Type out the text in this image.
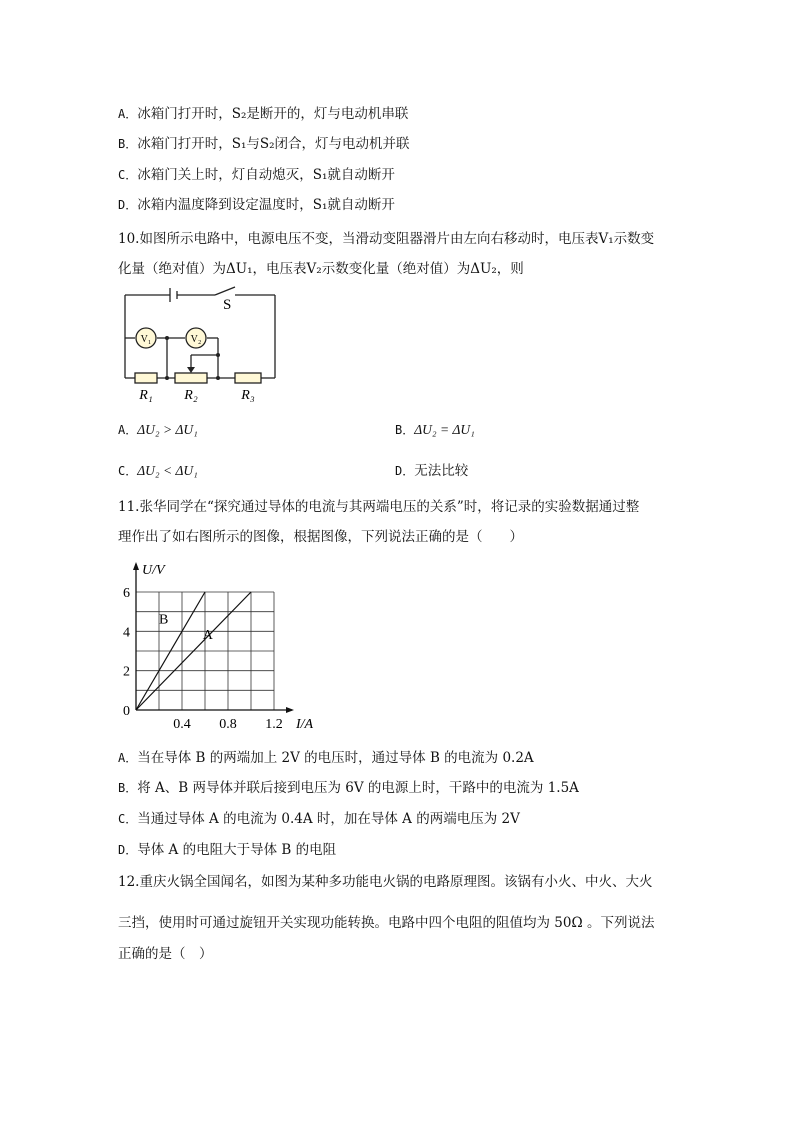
A．冰箱门打开时，S₂是断开的，灯与电动机串联
B．冰箱门打开时，S₁与S₂闭合，灯与电动机并联
C．冰箱门关上时，灯自动熄灭，S₁就自动断开
D．冰箱内温度降到设定温度时，S₁就自动断开
10.如图所示电路中，电源电压不变，当滑动变阻器滑片由左向右移动时，电压表V₁示数变
化量（绝对值）为ΔU₁，电压表V₂示数变化量（绝对值）为ΔU₂，则
S
V₁	V₂
R₁ R₂	R₃
A．ΔU₂ > ΔU₁	B．ΔU₂ = ΔU₁
C．ΔU₂ < ΔU₁	D．无法比较
11.张华同学在“探究通过导体的电流与其两端电压的关系”时，将记录的实验数据通过整
理作出了如右图所示的图像，根据图像，下列说法正确的是（　　）
0
2
4
6
0.4 0.8 1.2
U/V
I/A
A
B
A．当在导体 B 的两端加上 2V 的电压时，通过导体 B 的电流为 0.2A
B．将 A、B 两导体并联后接到电压为 6V 的电源上时，干路中的电流为 1.5A
C．当通过导体 A 的电流为 0.4A 时，加在导体 A 的两端电压为 2V
D．导体 A 的电阻大于导体 B 的电阻
12.重庆火锅全国闻名，如图为某种多功能电火锅的电路原理图。该锅有小火、中火、大火
三挡，使用时可通过旋钮开关实现功能转换。电路中四个电阻的阻值均为 50Ω 。下列说法
正确的是（　）
